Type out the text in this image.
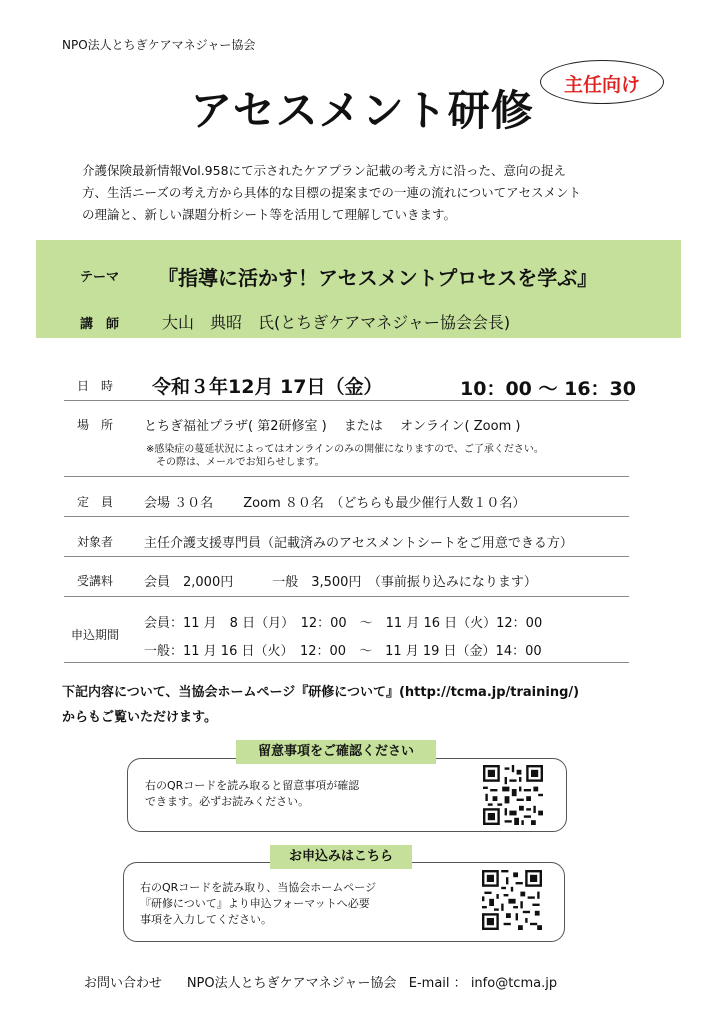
NPO法人とちぎケアマネジャー協会
アセスメント研修
主任向け
介護保険最新情報Vol.958にて示されたケアプラン記載の考え方に沿った、意向の捉え
方、生活ニーズの考え方から具体的な目標の提案までの一連の流れについてアセスメント
の理論と、新しい課題分析シート等を活用して理解していきます。
テーマ 『指導に活かす！アセスメントプロセスを学ぶ』
講　師	大山　典昭　氏(とちぎケアマネジャー協会会長)
日　時	令和３年12月 17日（金）	10：00 ～ 16：30
場　所	とちぎ福祉プラザ( 第2研修室 )　 または　 オンライン( Zoom )
※感染症の蔓延状況によってはオンラインのみの開催になりますので、ご了承ください。
その際は、メールでお知らせします。
定　員	会場 ３０名　　 Zoom ８０名　（どちらも最少催行人数１０名）
対象者	主任介護支援専門員（記載済みのアセスメントシートをご用意できる方）
受講料	会員　2,000円　　　一般　3,500円　（事前振り込みになります）
申込期間
会員：11 月　8 日（月）　12：00　～　11 月 16 日（火）12：00
一般：11 月 16 日（火）　12：00　～　11 月 19 日（金）14：00
下記内容について、当協会ホームページ『研修について』(http://tcma.jp/training/)
からもご覧いただけます。
留意事項をご確認ください
右のQRコードを読み取ると留意事項が確認
できます。必ずお読みください。
お申込みはこちら
右のQRコードを読み取り、当協会ホームページ
『研修について』より申込フォーマットへ必要
事項を入力してください。
お問い合わせ NPO法人とちぎケアマネジャー協会 E-mail ： info@tcma.jp
